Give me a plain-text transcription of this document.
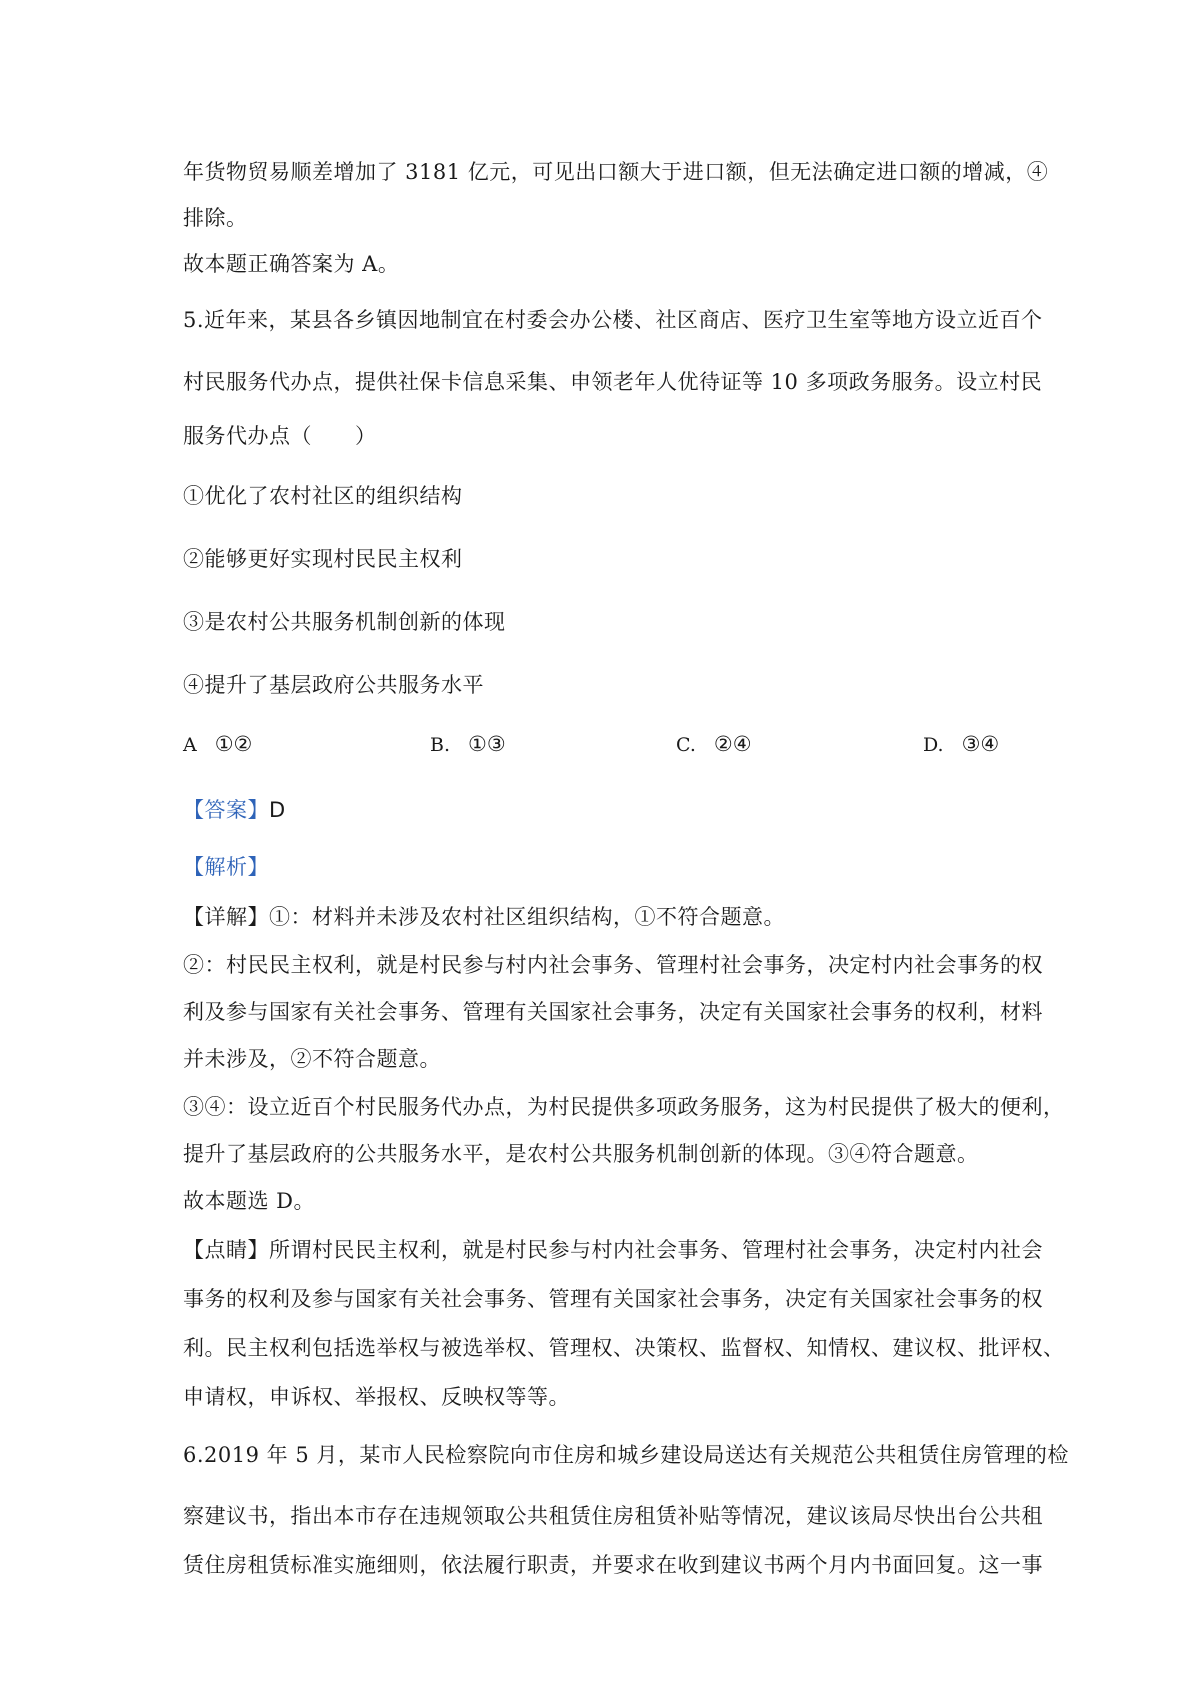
年货物贸易顺差增加了 3181 亿元，可见出口额大于进口额，但无法确定进口额的增减，④
排除。
故本题正确答案为 A。
5.近年来，某县各乡镇因地制宜在村委会办公楼、社区商店、医疗卫生室等地方设立近百个
村民服务代办点，提供社保卡信息采集、申领老年人优待证等 10 多项政务服务。设立村民
服务代办点（　　）
①优化了农村社区的组织结构
②能够更好实现村民民主权利
③是农村公共服务机制创新的体现
④提升了基层政府公共服务水平
A ①②	B. ①③	C. ②④	D. ③④
【答案】D
【解析】
【详解】①：材料并未涉及农村社区组织结构，①不符合题意。
②：村民民主权利，就是村民参与村内社会事务、管理村社会事务，决定村内社会事务的权
利及参与国家有关社会事务、管理有关国家社会事务，决定有关国家社会事务的权利，材料
并未涉及，②不符合题意。
③④：设立近百个村民服务代办点，为村民提供多项政务服务，这为村民提供了极大的便利，
提升了基层政府的公共服务水平，是农村公共服务机制创新的体现。③④符合题意。
故本题选 D。
【点睛】所谓村民民主权利，就是村民参与村内社会事务、管理村社会事务，决定村内社会
事务的权利及参与国家有关社会事务、管理有关国家社会事务，决定有关国家社会事务的权
利。民主权利包括选举权与被选举权、管理权、决策权、监督权、知情权、建议权、批评权、
申请权，申诉权、举报权、反映权等等。
6.2019 年 5 月，某市人民检察院向市住房和城乡建设局送达有关规范公共租赁住房管理的检
察建议书，指出本市存在违规领取公共租赁住房租赁补贴等情况，建议该局尽快出台公共租
赁住房租赁标准实施细则，依法履行职责，并要求在收到建议书两个月内书面回复。这一事
